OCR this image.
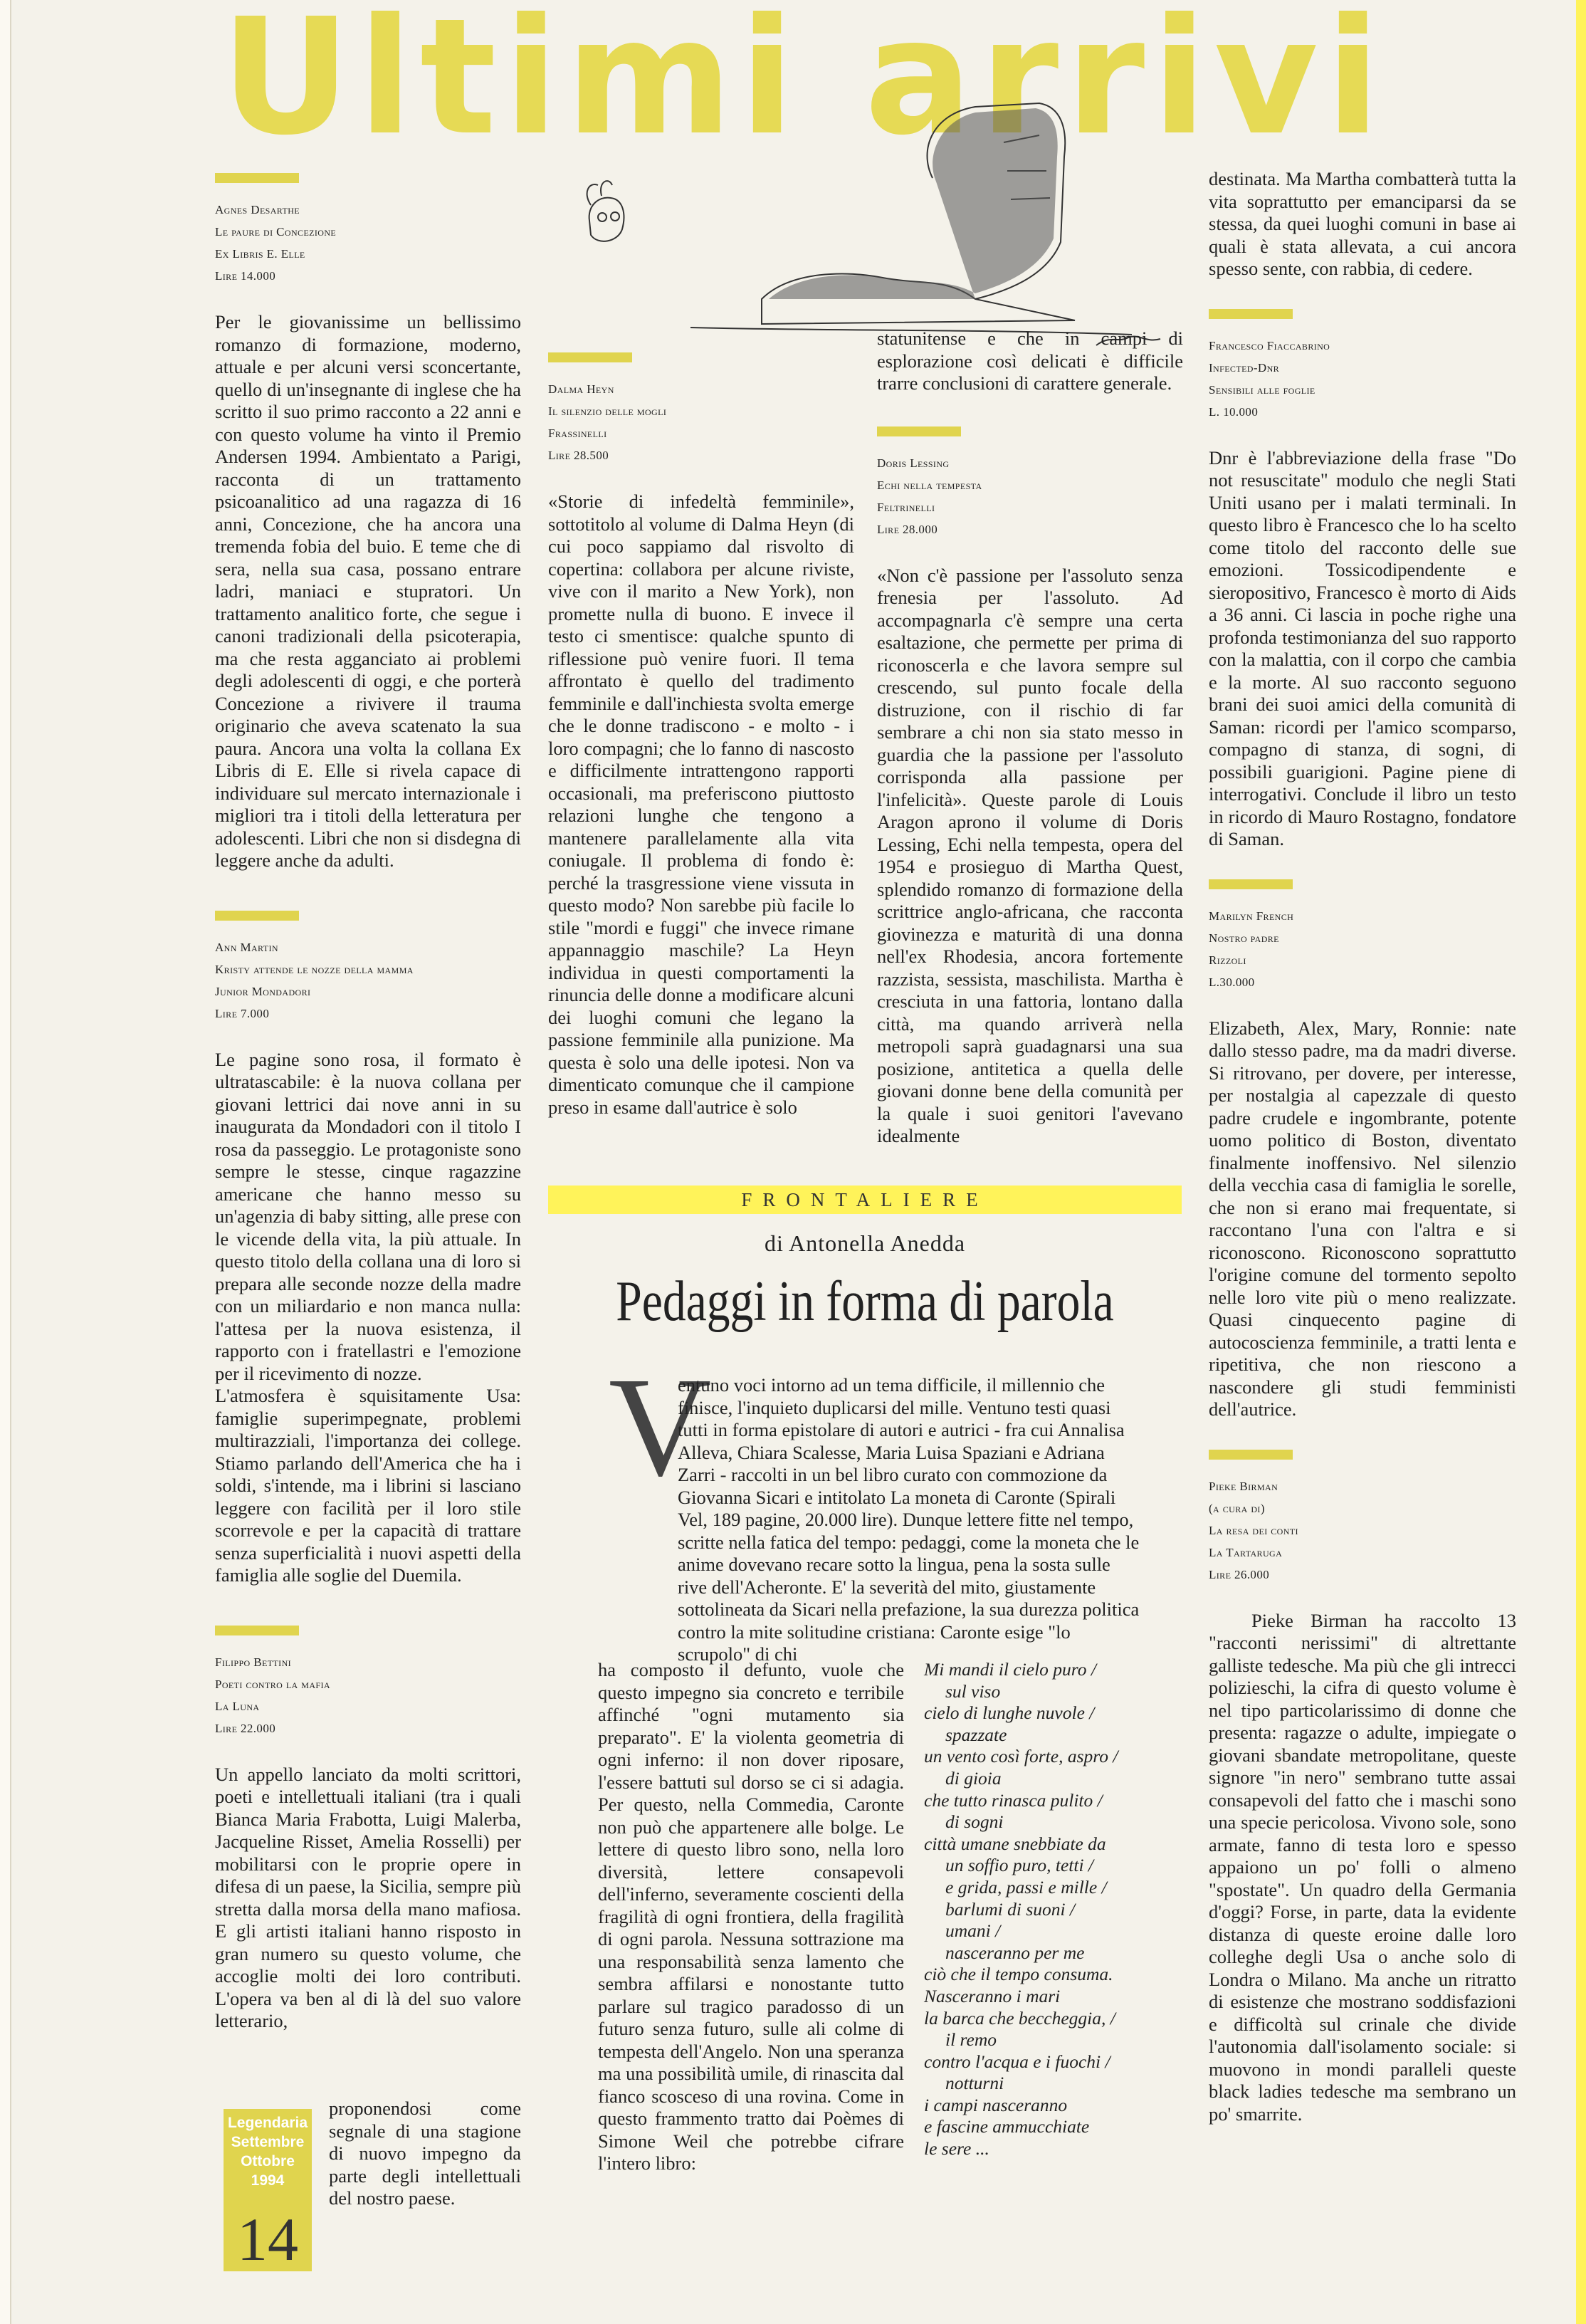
Ultimi arrivi

Agnes Desarthe
Le paure di Concezione
Ex Libris E. Elle
Lire 14.000

Per le giovanissime un bellissimo romanzo di formazione, moderno, attuale e per alcuni versi sconcertante, quello di un'insegnante di inglese che ha scritto il suo primo racconto a 22 anni e con questo volume ha vinto il Premio Andersen 1994. Ambientato a Parigi, racconta di un trattamento psicoanalitico ad una ragazza di 16 anni, Concezione, che ha ancora una tremenda fobia del buio. E teme che di sera, nella sua casa, possano entrare ladri, maniaci e stupratori. Un trattamento analitico forte, che segue i canoni tradizionali della psicoterapia, ma che resta agganciato ai problemi degli adolescenti di oggi, e che porterà Concezione a rivivere il trauma originario che aveva scatenato la sua paura. Ancora una volta la collana Ex Libris di E. Elle si rivela capace di individuare sul mercato internazionale i migliori tra i titoli della letteratura per adolescenti. Libri che non si disdegna di leggere anche da adulti.

Ann Martin
Kristy attende le nozze della mamma
Junior Mondadori
Lire 7.000

Le pagine sono rosa, il formato è ultratascabile: è la nuova collana per giovani lettrici dai nove anni in su inaugurata da Mondadori con il titolo I rosa da passeggio. Le protagoniste sono sempre le stesse, cinque ragazzine americane che hanno messo su un'agenzia di baby sitting, alle prese con le vicende della vita, la più attuale. In questo titolo della collana una di loro si prepara alle seconde nozze della madre con un miliardario e non manca nulla: l'attesa per la nuova esistenza, il rapporto con i fratellastri e l'emozione per il ricevimento di nozze.

L'atmosfera è squisitamente Usa: famiglie superimpegnate, problemi multirazziali, l'importanza dei college. Stiamo parlando dell'America che ha i soldi, s'intende, ma i librini si lasciano leggere con facilità per il loro stile scorrevole e per la capacità di trattare senza superficialità i nuovi aspetti della famiglia alle soglie del Duemila.

Filippo Bettini
Poeti contro la mafia
La Luna
Lire 22.000

Un appello lanciato da molti scrittori, poeti e intellettuali italiani (tra i quali Bianca Maria Frabotta, Luigi Malerba, Jacqueline Risset, Amelia Rosselli) per mobilitarsi con le proprie opere in difesa di un paese, la Sicilia, sempre più stretta dalla morsa della mano mafiosa. E gli artisti italiani hanno risposto in gran numero su questo volume, che accoglie molti dei loro contributi. L'opera va ben al di là del suo valore letterario,

proponendosi come segnale di una stagione di nuovo impegno da parte degli intellettuali del nostro paese.

Legendaria
Settembre Ottobre 1994
14
Dalma Heyn
Il silenzio delle mogli
Frassinelli
Lire 28.500

«Storie di infedeltà femminile», sottotitolo al volume di Dalma Heyn (di cui poco sappiamo dal risvolto di copertina: collabora per alcune riviste, vive con il marito a New York), non promette nulla di buono. E invece il testo ci smentisce: qualche spunto di riflessione può venire fuori. Il tema affrontato è quello del tradimento femminile e dall'inchiesta svolta emerge che le donne tradiscono - e molto - i loro compagni; che lo fanno di nascosto e difficilmente intrattengono rapporti occasionali, ma preferiscono piuttosto relazioni lunghe che tengono a mantenere parallelamente alla vita coniugale. Il problema di fondo è: perché la trasgressione viene vissuta in questo modo? Non sarebbe più facile lo stile "mordi e fuggi" che invece rimane appannaggio maschile? La Heyn individua in questi comportamenti la rinuncia delle donne a modificare alcuni dei luoghi comuni che legano la passione femminile alla punizione. Ma questa è solo una delle ipotesi. Non va dimenticato comunque che il campione preso in esame dall'autrice è solo

statunitense e che in campi di esplorazione così delicati è difficile trarre conclusioni di carattere generale.

Doris Lessing
Echi nella tempesta
Feltrinelli
Lire 28.000

«Non c'è passione per l'assoluto senza frenesia per l'assoluto. Ad accompagnarla c'è sempre una certa esaltazione, che permette per prima di riconoscerla e che lavora sempre sul crescendo, sul punto focale della distruzione, con il rischio di far sembrare a chi non sia stato messo in guardia che la passione per l'assoluto corrisponda alla passione per l'infelicità». Queste parole di Louis Aragon aprono il volume di Doris Lessing, Echi nella tempesta, opera del 1954 e prosieguo di Martha Quest, splendido romanzo di formazione della scrittrice anglo-africana, che racconta giovinezza e maturità di una donna nell'ex Rhodesia, ancora fortemente razzista, sessista, maschilista. Martha è cresciuta in una fattoria, lontano dalla città, ma quando arriverà nella metropoli saprà guadagnarsi una sua posizione, antitetica a quella delle giovani donne bene della comunità per la quale i suoi genitori l'avevano idealmente

destinata. Ma Martha combatterà tutta la vita soprattutto per emanciparsi da se stessa, da quei luoghi comuni in base ai quali è stata allevata, a cui ancora spesso sente, con rabbia, di cedere.

Francesco Fiaccabrino
Infected-Dnr
Sensibili alle foglie
L. 10.000

Dnr è l'abbreviazione della frase "Do not resuscitate" modulo che negli Stati Uniti usano per i malati terminali. In questo libro è Francesco che lo ha scelto come titolo del racconto delle sue emozioni. Tossicodipendente e sieropositivo, Francesco è morto di Aids a 36 anni. Ci lascia in poche righe una profonda testimonianza del suo rapporto con la malattia, con il corpo che cambia e la morte. Al suo racconto seguono brani dei suoi amici della comunità di Saman: ricordi per l'amico scomparso, compagno di stanza, di sogni, di possibili guarigioni. Pagine piene di interrogativi. Conclude il libro un testo in ricordo di Mauro Rostagno, fondatore di Saman.

Marilyn French
Nostro padre
Rizzoli
L.30.000

Elizabeth, Alex, Mary, Ronnie: nate dallo stesso padre, ma da madri diverse. Si ritrovano, per dovere, per interesse, per nostalgia al capezzale di questo padre crudele e ingombrante, potente uomo politico di Boston, diventato finalmente inoffensivo. Nel silenzio della vecchia casa di famiglia le sorelle, che non si erano mai frequentate, si raccontano l'una con l'altra e si riconoscono. Riconoscono soprattutto l'origine comune del tormento sepolto nelle loro vite più o meno realizzate. Quasi cinquecento pagine di autocoscienza femminile, a tratti lenta e ripetitiva, che non riescono a nascondere gli studi femministi dell'autrice.

Pieke Birman
(a cura di)
La resa dei conti
La Tartaruga
Lire 26.000

Pieke Birman ha raccolto 13 "racconti nerissimi" di altrettante galliste tedesche. Ma più che gli intrecci polizieschi, la cifra di questo volume è nel tipo particolarissimo di donne che presenta: ragazze o adulte, impiegate o giovani sbandate metropolitane, queste signore "in nero" sembrano tutte assai consapevoli del fatto che i maschi sono una specie pericolosa. Vivono sole, sono armate, fanno di testa loro e spesso appaiono un po' folli o almeno "spostate". Un quadro della Germania d'oggi? Forse, in parte, data la evidente distanza di queste eroine dalle loro colleghe degli Usa o anche solo di Londra o Milano. Ma anche un ritratto di esistenze che mostrano soddisfazioni e difficoltà sul crinale che divide l'autonomia dall'isolamento sociale: si muovono in mondi paralleli queste black ladies tedesche ma sembrano un po' smarrite.

FRONTALIERE
di Antonella Anedda
Pedaggi in forma di parola
V

entuno voci intorno ad un tema difficile, il millennio che finisce, l'inquieto duplicarsi del mille. Ventuno testi quasi tutti in forma epistolare di autori e autrici - fra cui Annalisa Alleva, Chiara Scalesse, Maria Luisa Spaziani e Adriana Zarri - raccolti in un bel libro curato con commozione da Giovanna Sicari e intitolato La moneta di Caronte (Spirali Vel, 189 pagine, 20.000 lire). Dunque lettere fitte nel tempo, scritte nella fatica del tempo: pedaggi, come la moneta che le anime dovevano recare sotto la lingua, pena la sosta sulle rive dell'Acheronte. E' la severità del mito, giustamente sottolineata da Sicari nella prefazione, la sua durezza politica contro la mite solitudine cristiana: Caronte esige "lo scrupolo" di chi

ha composto il defunto, vuole che questo impegno sia concreto e terribile affinché "ogni mutamento sia preparato". E' la violenta geometria di ogni inferno: il non dover riposare, l'essere battuti sul dorso se ci si adagia. Per questo, nella Commedia, Caronte non può che appartenere alle bolge. Le lettere di questo libro sono, nella loro diversità, lettere consapevoli dell'inferno, severamente coscienti della fragilità di ogni frontiera, della fragilità di ogni parola. Nessuna sottrazione ma una responsabilità senza lamento che sembra affilarsi e nonostante tutto parlare sul tragico paradosso di un futuro senza futuro, sulle ali colme di tempesta dell'Angelo. Non una speranza ma una possibilità umile, di rinascita dal fianco scosceso di una rovina. Come in questo frammento tratto dai Poèmes di Simone Weil che potrebbe cifrare l'intero libro:

Mi mandi il cielo puro /
sul viso
cielo di lunghe nuvole /
spazzate
un vento così forte, aspro /
di gioia
che tutto rinasca pulito /
di sogni
città umane snebbiate da
un soffio puro, tetti /
e grida, passi e mille /
barlumi di suoni /
umani /
nasceranno per me
ciò che il tempo consuma.
Nasceranno i mari
la barca che beccheggia, /
il remo
contro l'acqua e i fuochi /
notturni
i campi nasceranno
e fascine ammucchiate
le sere ...
